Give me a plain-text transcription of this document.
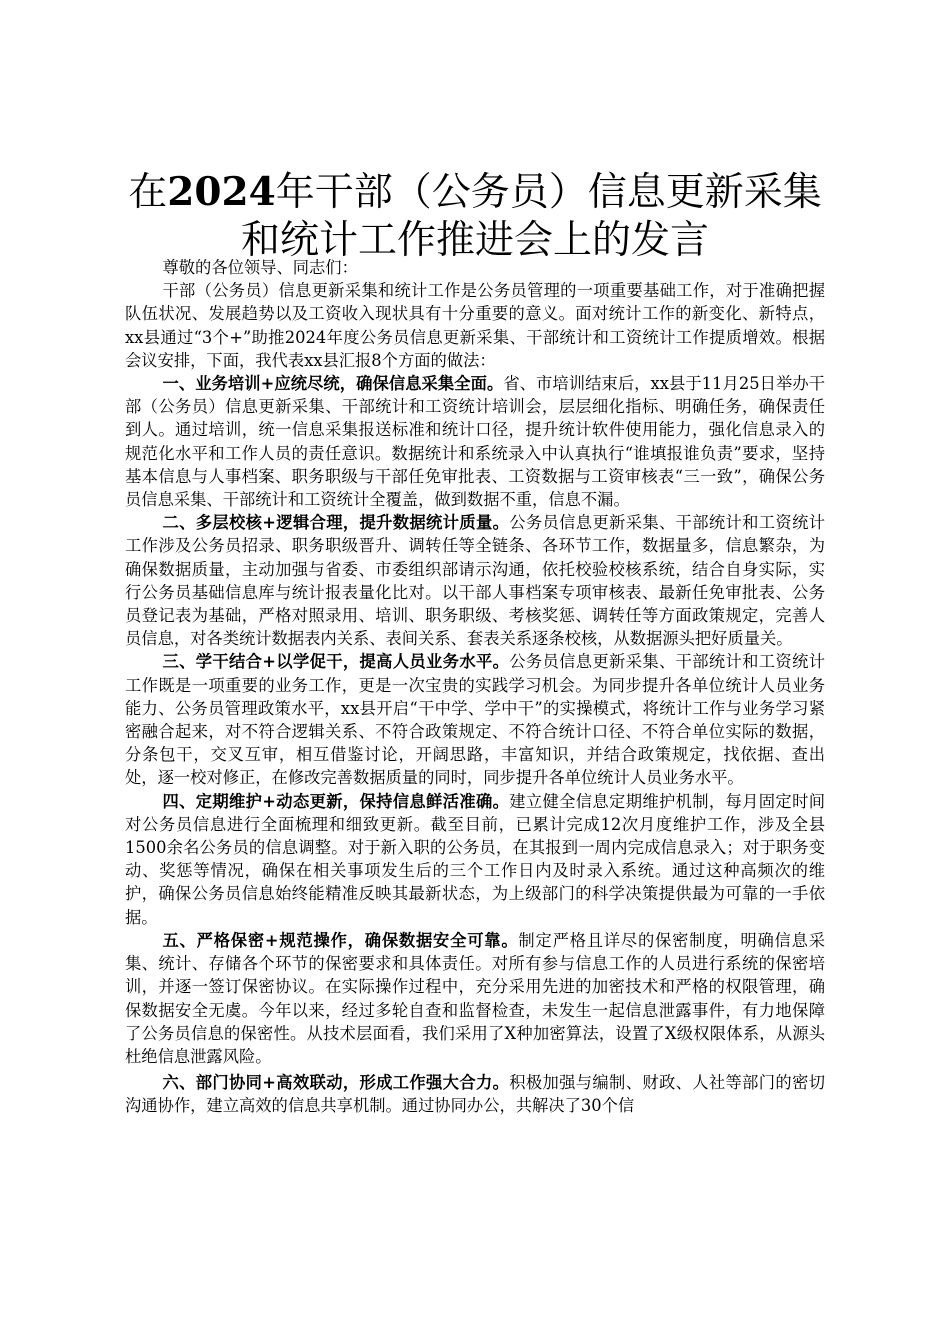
在2024年干部（公务员）信息更新采集和统计工作推进会上的发言

尊敬的各位领导、同志们：

干部（公务员）信息更新采集和统计工作是公务员管理的一项重要基础工作，对于准确把握队伍状况、发展趋势以及工资收入现状具有十分重要的意义。面对统计工作的新变化、新特点，xx县通过“3个+”助推2024年度公务员信息更新采集、干部统计和工资统计工作提质增效。根据会议安排，下面，我代表xx县汇报8个方面的做法：

一、业务培训+应统尽统，确保信息采集全面。省、市培训结束后，xx县于11月25日举办干部（公务员）信息更新采集、干部统计和工资统计培训会，层层细化指标、明确任务，确保责任到人。通过培训，统一信息采集报送标准和统计口径，提升统计软件使用能力，强化信息录入的规范化水平和工作人员的责任意识。数据统计和系统录入中认真执行“谁填报谁负责”要求，坚持基本信息与人事档案、职务职级与干部任免审批表、工资数据与工资审核表“三一致”，确保公务员信息采集、干部统计和工资统计全覆盖，做到数据不重，信息不漏。

二、多层校核+逻辑合理，提升数据统计质量。公务员信息更新采集、干部统计和工资统计工作涉及公务员招录、职务职级晋升、调转任等全链条、各环节工作，数据量多，信息繁杂，为确保数据质量，主动加强与省委、市委组织部请示沟通，依托校验校核系统，结合自身实际，实行公务员基础信息库与统计报表量化比对。以干部人事档案专项审核表、最新任免审批表、公务员登记表为基础，严格对照录用、培训、职务职级、考核奖惩、调转任等方面政策规定，完善人员信息，对各类统计数据表内关系、表间关系、套表关系逐条校核，从数据源头把好质量关。

三、学干结合+以学促干，提高人员业务水平。公务员信息更新采集、干部统计和工资统计工作既是一项重要的业务工作，更是一次宝贵的实践学习机会。为同步提升各单位统计人员业务能力、公务员管理政策水平，xx县开启“干中学、学中干”的实操模式，将统计工作与业务学习紧密融合起来，对不符合逻辑关系、不符合政策规定、不符合统计口径、不符合单位实际的数据，分条包干，交叉互审，相互借鉴讨论，开阔思路，丰富知识，并结合政策规定，找依据、查出处，逐一校对修正，在修改完善数据质量的同时，同步提升各单位统计人员业务水平。

四、定期维护+动态更新，保持信息鲜活准确。建立健全信息定期维护机制，每月固定时间对公务员信息进行全面梳理和细致更新。截至目前，已累计完成12次月度维护工作，涉及全县1500余名公务员的信息调整。对于新入职的公务员，在其报到一周内完成信息录入；对于职务变动、奖惩等情况，确保在相关事项发生后的三个工作日内及时录入系统。通过这种高频次的维护，确保公务员信息始终能精准反映其最新状态，为上级部门的科学决策提供最为可靠的一手依据。

五、严格保密+规范操作，确保数据安全可靠。制定严格且详尽的保密制度，明确信息采集、统计、存储各个环节的保密要求和具体责任。对所有参与信息工作的人员进行系统的保密培训，并逐一签订保密协议。在实际操作过程中，充分采用先进的加密技术和严格的权限管理，确保数据安全无虞。今年以来，经过多轮自查和监督检查，未发生一起信息泄露事件，有力地保障了公务员信息的保密性。从技术层面看，我们采用了X种加密算法，设置了X级权限体系，从源头杜绝信息泄露风险。

六、部门协同+高效联动，形成工作强大合力。积极加强与编制、财政、人社等部门的密切沟通协作，建立高效的信息共享机制。通过协同办公，共解决了30个信
